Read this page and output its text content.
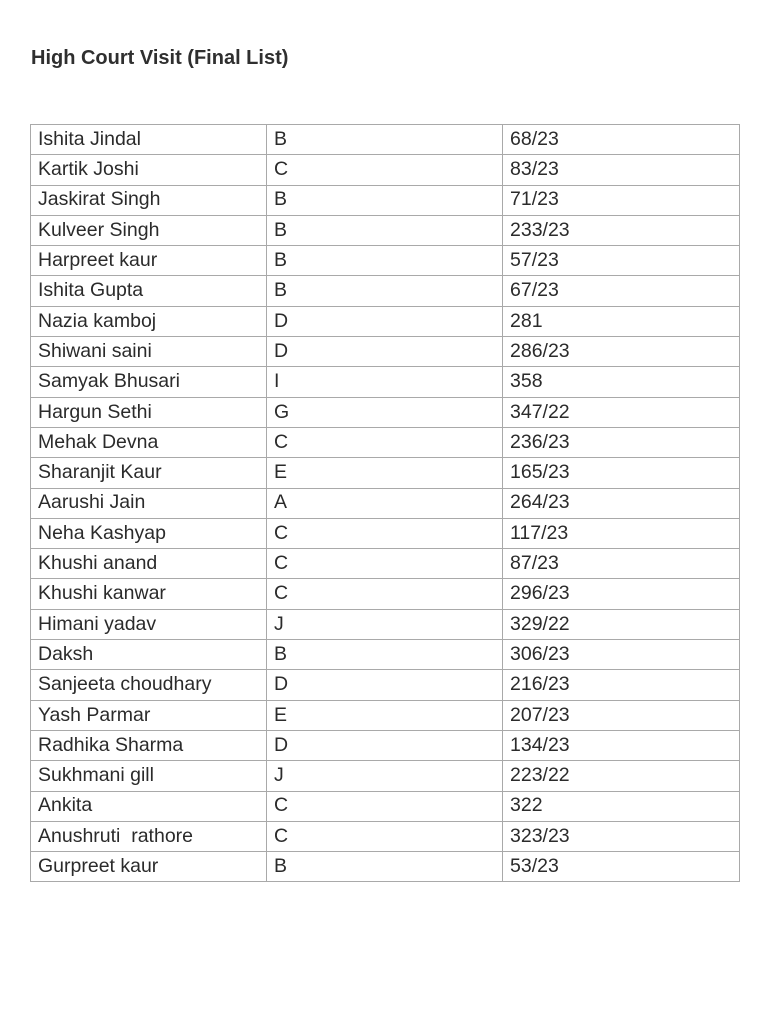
High Court Visit (Final List)
Ishita Jindal	B	68/23
Kartik Joshi	C	83/23
Jaskirat Singh	B	71/23
Kulveer Singh	B	233/23
Harpreet kaur	B	57/23
Ishita Gupta	B	67/23
Nazia kamboj	D	281
Shiwani saini	D	286/23
Samyak Bhusari	I	358
Hargun Sethi	G	347/22
Mehak Devna	C	236/23
Sharanjit Kaur	E	165/23
Aarushi Jain	A	264/23
Neha Kashyap	C	117/23
Khushi anand	C	87/23
Khushi kanwar	C	296/23
Himani yadav	J	329/22
Daksh	B	306/23
Sanjeeta choudhary	D	216/23
Yash Parmar	E	207/23
Radhika Sharma	D	134/23
Sukhmani gill	J	223/22
Ankita	C	322
Anushruti  rathore	C	323/23
Gurpreet kaur	B	53/23
